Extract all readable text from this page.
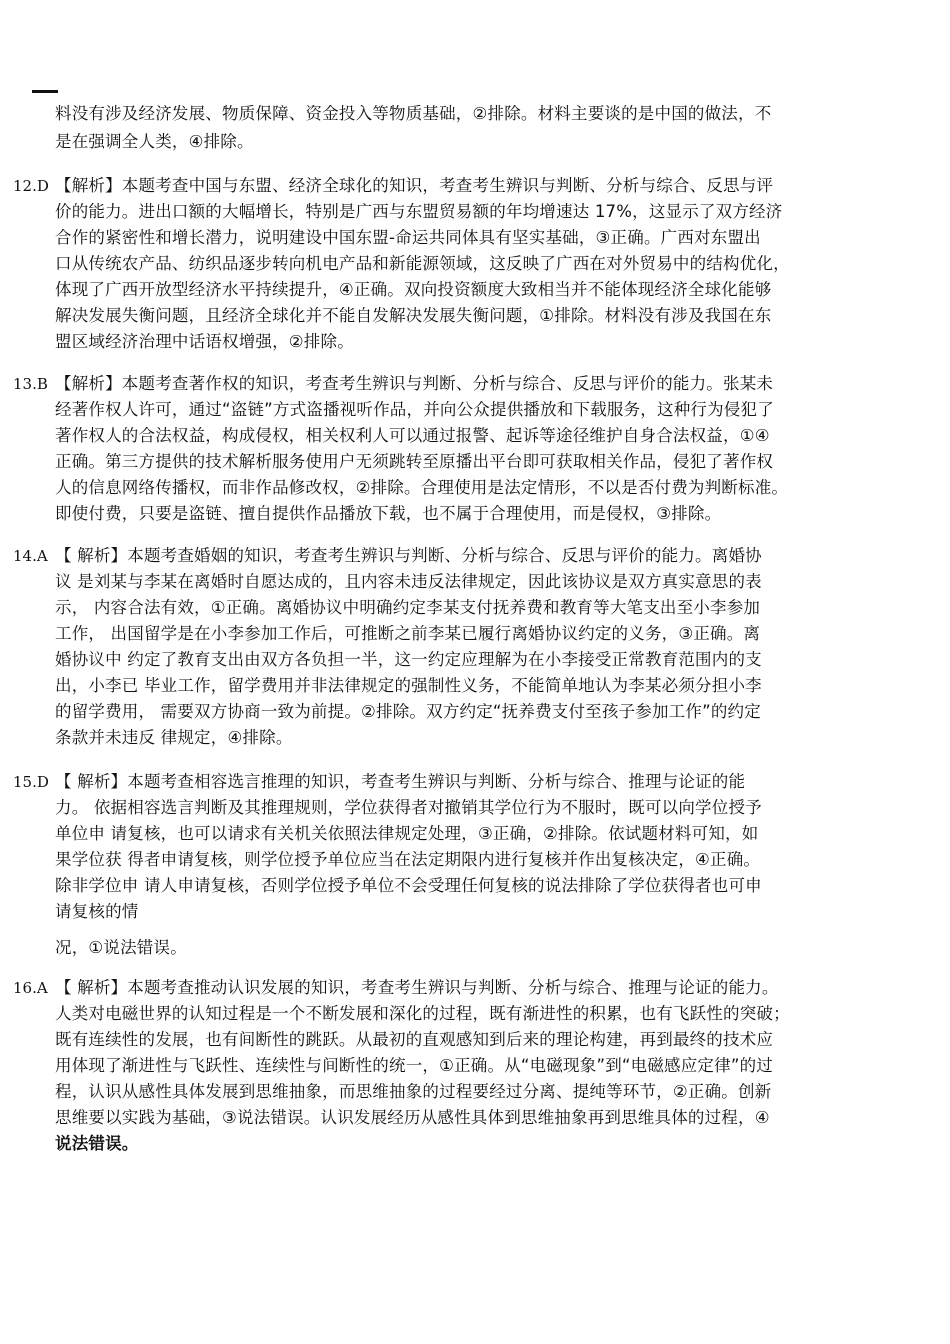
料没有涉及经济发展、物质保障、资金投入等物质基础，②排除。材料主要谈的是中国的做法，不
是在强调全人类，④排除。
12.D 【解析】本题考查中国与东盟、经济全球化的知识，考查考生辨识与判断、分析与综合、反思与评
价的能力。进出口额的大幅增长，特别是广西与东盟贸易额的年均增速达 17%，这显示了双方经济
合作的紧密性和增长潜力，说明建设中国东盟-命运共同体具有坚实基础，③正确。广西对东盟出
口从传统农产品、纺织品逐步转向机电产品和新能源领域，这反映了广西在对外贸易中的结构优化，
体现了广西开放型经济水平持续提升，④正确。双向投资额度大致相当并不能体现经济全球化能够
解决发展失衡问题，且经济全球化并不能自发解决发展失衡问题，①排除。材料没有涉及我国在东
盟区域经济治理中话语权增强，②排除。
13.B 【解析】本题考查著作权的知识，考查考生辨识与判断、分析与综合、反思与评价的能力。张某未
经著作权人许可，通过“盗链”方式盗播视听作品，并向公众提供播放和下载服务，这种行为侵犯了
著作权人的合法权益，构成侵权，相关权利人可以通过报警、起诉等途径维护自身合法权益，①④
正确。第三方提供的技术解析服务使用户无须跳转至原播出平台即可获取相关作品，侵犯了著作权
人的信息网络传播权，而非作品修改权，②排除。合理使用是法定情形，不以是否付费为判断标准。
即使付费，只要是盗链、擅自提供作品播放下载，也不属于合理使用，而是侵权，③排除。
14.A 【 解析】本题考查婚姻的知识，考查考生辨识与判断、分析与综合、反思与评价的能力。离婚协
议 是刘某与李某在离婚时自愿达成的，且内容未违反法律规定，因此该协议是双方真实意思的表
示， 内容合法有效，①正确。离婚协议中明确约定李某支付抚养费和教育等大笔支出至小李参加
工作， 出国留学是在小李参加工作后，可推断之前李某已履行离婚协议约定的义务，③正确。离
婚协议中 约定了教育支出由双方各负担一半，这一约定应理解为在小李接受正常教育范围内的支
出，小李已 毕业工作，留学费用并非法律规定的强制性义务，不能简单地认为李某必须分担小李
的留学费用， 需要双方协商一致为前提。②排除。双方约定“抚养费支付至孩子参加工作”的约定
条款并未违反 律规定，④排除。
15.D 【 解析】本题考查相容选言推理的知识，考查考生辨识与判断、分析与综合、推理与论证的能
力。 依据相容选言判断及其推理规则，学位获得者对撤销其学位行为不服时，既可以向学位授予
单位申 请复核，也可以请求有关机关依照法律规定处理，③正确，②排除。依试题材料可知，如
果学位获 得者申请复核，则学位授予单位应当在法定期限内进行复核并作出复核决定，④正确。
除非学位申 请人申请复核，否则学位授予单位不会受理任何复核的说法排除了学位获得者也可申
请复核的情
况，①说法错误。
16.A 【 解析】本题考查推动认识发展的知识，考查考生辨识与判断、分析与综合、推理与论证的能力。
人类对电磁世界的认知过程是一个不断发展和深化的过程，既有渐进性的积累，也有飞跃性的突破；
既有连续性的发展，也有间断性的跳跃。从最初的直观感知到后来的理论构建，再到最终的技术应
用体现了渐进性与飞跃性、连续性与间断性的统一，①正确。从“电磁现象”到“电磁感应定律”的过
程，认识从感性具体发展到思维抽象，而思维抽象的过程要经过分离、提纯等环节，②正确。创新
思维要以实践为基础，③说法错误。认识发展经历从感性具体到思维抽象再到思维具体的过程，④
说法错误。
